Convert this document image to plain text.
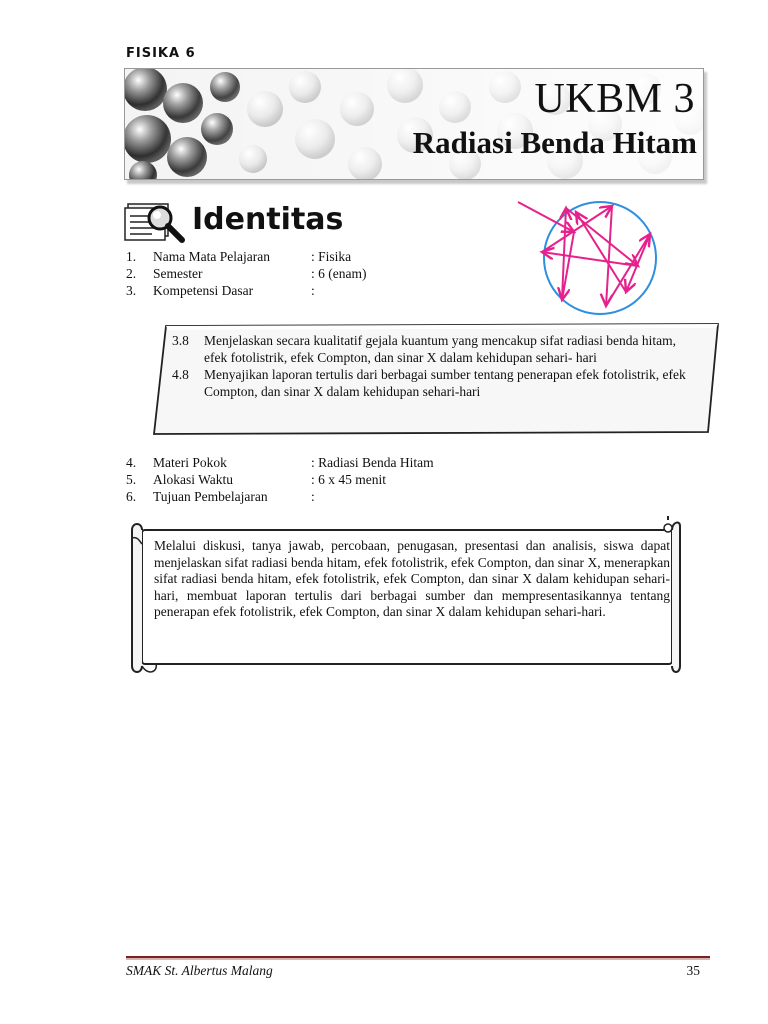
FISIKA 6
UKBM 3
Radiasi Benda Hitam
Identitas
1.	Nama Mata Pelajaran	: Fisika
2.	Semester	: 6 (enam)
3.	Kompetensi Dasar	:
3.8	Menjelaskan secara kualitatif gejala kuantum yang mencakup sifat radiasi benda hitam, efek fotolistrik, efek Compton, dan sinar X dalam kehidupan sehari- hari
4.8	Menyajikan laporan tertulis dari berbagai sumber tentang penerapan efek fotolistrik, efek Compton, dan sinar X dalam kehidupan sehari-hari
4.	Materi Pokok	: Radiasi Benda Hitam
5.	Alokasi Waktu	: 6 x 45 menit
6.	Tujuan Pembelajaran	:
Melalui diskusi, tanya jawab, percobaan, penugasan, presentasi dan analisis, siswa dapat menjelaskan sifat radiasi benda hitam, efek fotolistrik, efek Compton, dan sinar X, menerapkan sifat radiasi benda hitam, efek fotolistrik, efek Compton, dan sinar X dalam kehidupan sehari- hari, membuat laporan tertulis dari berbagai sumber dan mempresentasikannya tentang penerapan efek fotolistrik, efek Compton, dan sinar X dalam kehidupan sehari-hari.
SMAK St. Albertus Malang	35
